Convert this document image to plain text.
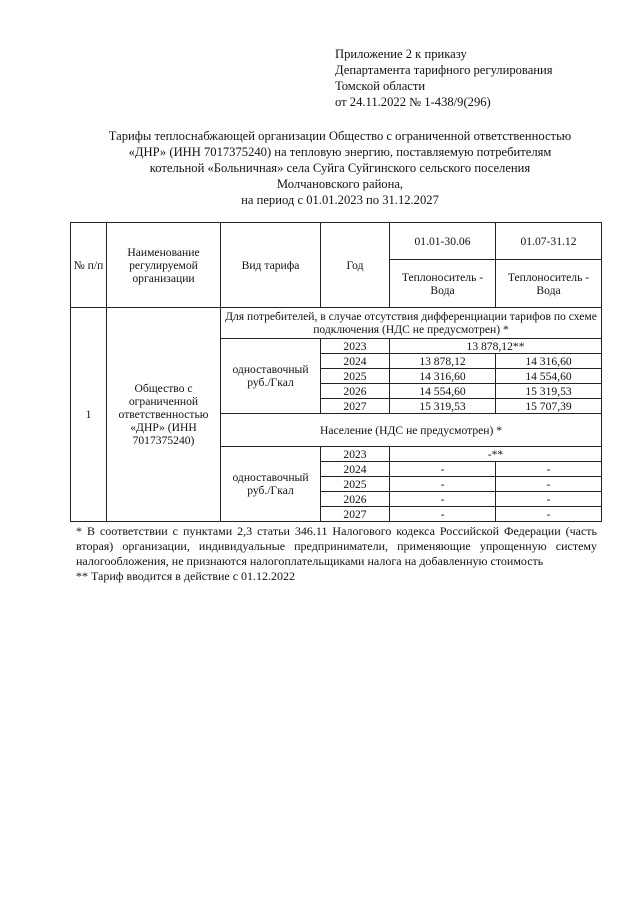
Приложение 2 к приказу
Департамента тарифного регулирования
Томской области
от 24.11.2022 № 1-438/9(296)
Тарифы теплоснабжающей организации Общество с ограниченной ответственностью
«ДНР» (ИНН 7017375240) на тепловую энергию, поставляемую потребителям
котельной «Больничная» села Суйга Суйгинского сельского поселения
Молчановского района,
на период с 01.01.2023 по 31.12.2027
№ п/п	Наименование регулируемой организации	Вид тарифа	Год	01.01-30.06	01.07-31.12
				Теплоноситель - Вода	Теплоноситель - Вода
1	Общество с ограниченной ответственностью «ДНР» (ИНН 7017375240)	Для потребителей, в случае отсутствия дифференциации тарифов по схеме подключения (НДС не предусмотрен) *			
		одноставочный руб./Гкал	2023	13 878,12**	
			2024	13 878,12	14 316,60
			2025	14 316,60	14 554,60
			2026	14 554,60	15 319,53
			2027	15 319,53	15 707,39
		Население (НДС не предусмотрен) *			
		одноставочный руб./Гкал	2023	-**	
			2024	-	-
			2025	-	-
			2026	-	-
			2027	-	-

* В соответствии с пунктами 2,3 статьи 346.11 Налогового кодекса Российской Федерации (часть вторая) организации, индивидуальные предприниматели, применяющие упрощенную систему налогообложения, не признаются налогоплательщиками налога на добавленную стоимость

** Тариф вводится в действие с 01.12.2022
